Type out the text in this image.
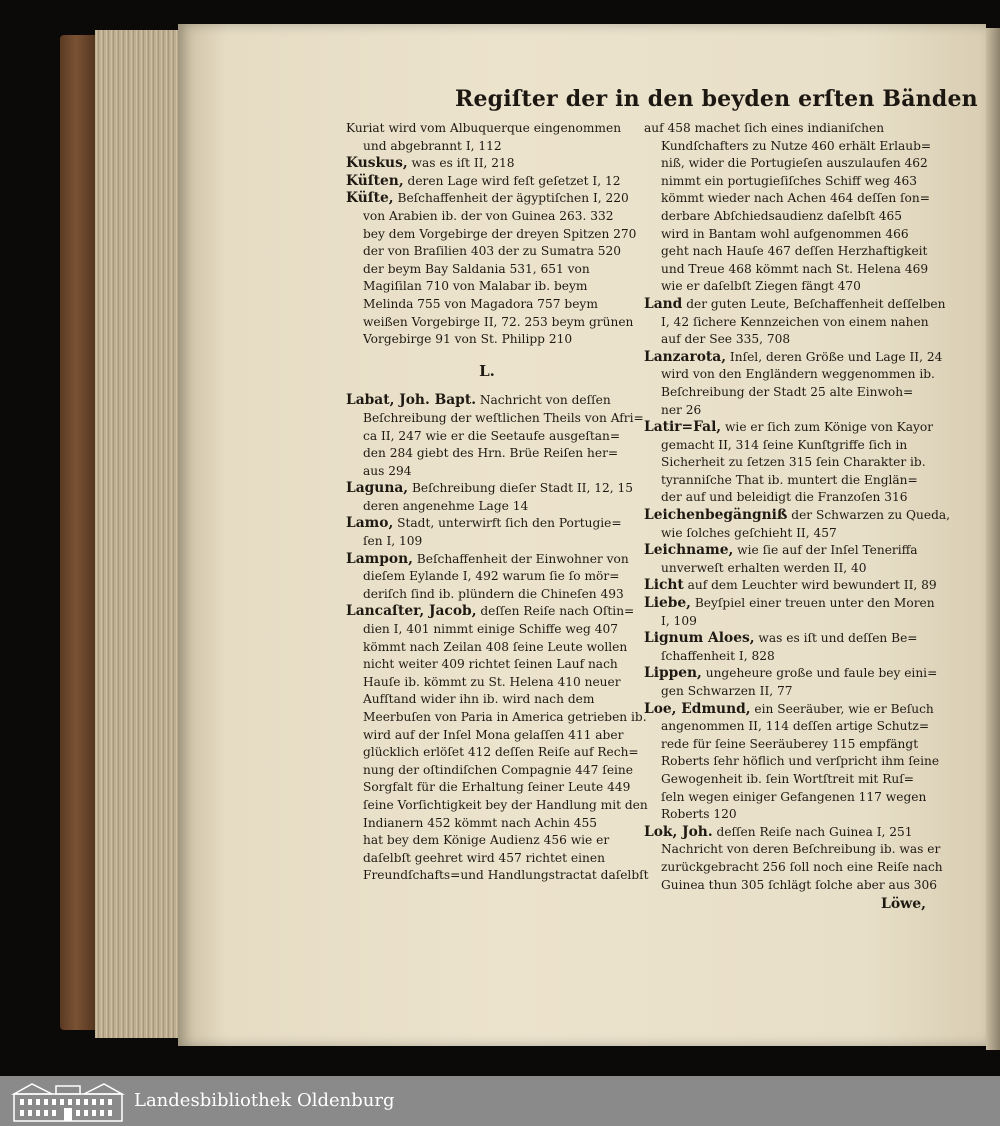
Regiſter der in den beyden erſten Bänden
Kuriat wird vom Albuquerque eingenommen
und abgebrannt I, 112
Kuskus, was es iſt II, 218
Küſten, deren Lage wird feſt geſetzet I, 12
Küſte, Beſchaffenheit der ägyptiſchen I, 220
von Arabien ib. der von Guinea 263. 332
bey dem Vorgebirge der dreyen Spitzen 270
der von Braſilien 403 der zu Sumatra 520
der beym Bay Saldania 531, 651 von
Magiſilan 710 von Malabar ib. beym
Melinda 755 von Magadora 757 beym
weißen Vorgebirge II, 72. 253 beym grünen
Vorgebirge 91 von St. Philipp 210
L.
Labat, Joh. Bapt. Nachricht von deſſen
Beſchreibung der weſtlichen Theils von Afri=
ca II, 247 wie er die Seetaufe ausgeſtan=
den 284 giebt des Hrn. Brüe Reiſen her=
aus 294
Laguna, Beſchreibung dieſer Stadt II, 12, 15
deren angenehme Lage 14
Lamo, Stadt, unterwirft ſich den Portugie=
ſen I, 109
Lampon, Beſchaffenheit der Einwohner von
dieſem Eylande I, 492 warum ſie ſo mör=
deriſch ſind ib. plündern die Chineſen 493
Lancaſter, Jacob, deſſen Reiſe nach Oſtin=
dien I, 401 nimmt einige Schiffe weg 407
kömmt nach Zeilan 408 ſeine Leute wollen
nicht weiter 409 richtet ſeinen Lauf nach
Hauſe ib. kömmt zu St. Helena 410 neuer
Aufſtand wider ihn ib. wird nach dem
Meerbuſen von Paria in America getrieben ib.
wird auf der Inſel Mona gelaſſen 411 aber
glücklich erlöſet 412 deſſen Reiſe auf Rech=
nung der oſtindiſchen Compagnie 447 ſeine
Sorgfalt für die Erhaltung ſeiner Leute 449
ſeine Vorſichtigkeit bey der Handlung mit den
Indianern 452 kömmt nach Achin 455
hat bey dem Könige Audienz 456 wie er
daſelbſt geehret wird 457 richtet einen
Freundſchafts=und Handlungstractat daſelbſt
auf 458 machet ſich eines indianiſchen
Kundſchafters zu Nutze 460 erhält Erlaub=
niß, wider die Portugieſen auszulaufen 462
nimmt ein portugieſiſches Schiff weg 463
kömmt wieder nach Achen 464 deſſen ſon=
derbare Abſchiedsaudienz daſelbſt 465
wird in Bantam wohl aufgenommen 466
geht nach Hauſe 467 deſſen Herzhaftigkeit
und Treue 468 kömmt nach St. Helena 469
wie er daſelbſt Ziegen fängt 470
Land der guten Leute, Beſchaffenheit deſſelben
I, 42 ſichere Kennzeichen von einem nahen
auf der See 335, 708
Lanzarota, Inſel, deren Größe und Lage II, 24
wird von den Engländern weggenommen ib.
Beſchreibung der Stadt 25 alte Einwoh=
ner 26
Latir=Fal, wie er ſich zum Könige von Kayor
gemacht II, 314 ſeine Kunſtgriffe ſich in
Sicherheit zu ſetzen 315 ſein Charakter ib.
tyranniſche That ib. muntert die Englän=
der auf und beleidigt die Franzoſen 316
Leichenbegängniß der Schwarzen zu Queda,
wie ſolches geſchieht II, 457
Leichname, wie ſie auf der Inſel Teneriffa
unverweſt erhalten werden II, 40
Licht auf dem Leuchter wird bewundert II, 89
Liebe, Beyſpiel einer treuen unter den Moren
I, 109
Lignum Aloes, was es iſt und deſſen Be=
ſchaffenheit I, 828
Lippen, ungeheure große und faule bey eini=
gen Schwarzen II, 77
Loe, Edmund, ein Seeräuber, wie er Beſuch
angenommen II, 114 deſſen artige Schutz=
rede für ſeine Seeräuberey 115 empfängt
Roberts ſehr höflich und verſpricht ihm ſeine
Gewogenheit ib. ſein Wortſtreit mit Ruſ=
ſeln wegen einiger Gefangenen 117 wegen
Roberts 120
Lok, Joh. deſſen Reiſe nach Guinea I, 251
Nachricht von deren Beſchreibung ib. was er
zurückgebracht 256 ſoll noch eine Reiſe nach
Guinea thun 305 ſchlägt ſolche aber aus 306
Löwe,
Landesbibliothek Oldenburg
